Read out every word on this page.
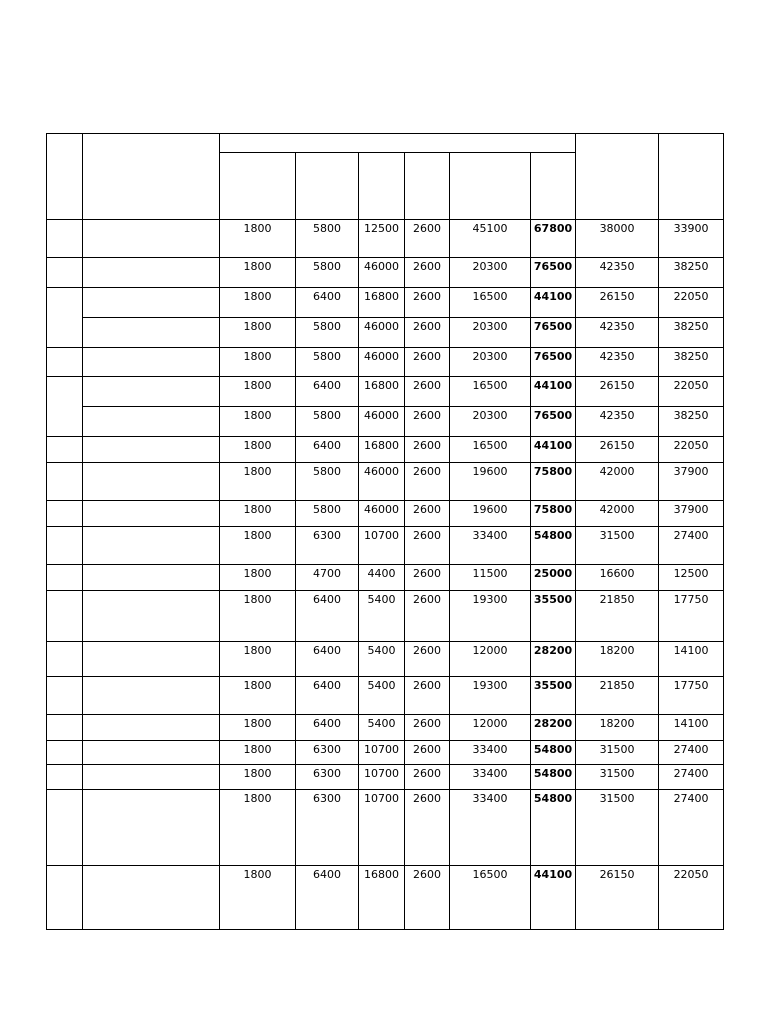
		1800	5800	12500	2600	45100	67800	38000	33900
		1800	5800	46000	2600	20300	76500	42350	38250
		1800	6400	16800	2600	16500	44100	26150	22050
		1800	5800	46000	2600	20300	76500	42350	38250
		1800	5800	46000	2600	20300	76500	42350	38250
		1800	6400	16800	2600	16500	44100	26150	22050
		1800	5800	46000	2600	20300	76500	42350	38250
		1800	6400	16800	2600	16500	44100	26150	22050
		1800	5800	46000	2600	19600	75800	42000	37900
		1800	5800	46000	2600	19600	75800	42000	37900
		1800	6300	10700	2600	33400	54800	31500	27400
		1800	4700	4400	2600	11500	25000	16600	12500
		1800	6400	5400	2600	19300	35500	21850	17750
		1800	6400	5400	2600	12000	28200	18200	14100
		1800	6400	5400	2600	19300	35500	21850	17750
		1800	6400	5400	2600	12000	28200	18200	14100
		1800	6300	10700	2600	33400	54800	31500	27400
		1800	6300	10700	2600	33400	54800	31500	27400
		1800	6300	10700	2600	33400	54800	31500	27400
		1800	6400	16800	2600	16500	44100	26150	22050
